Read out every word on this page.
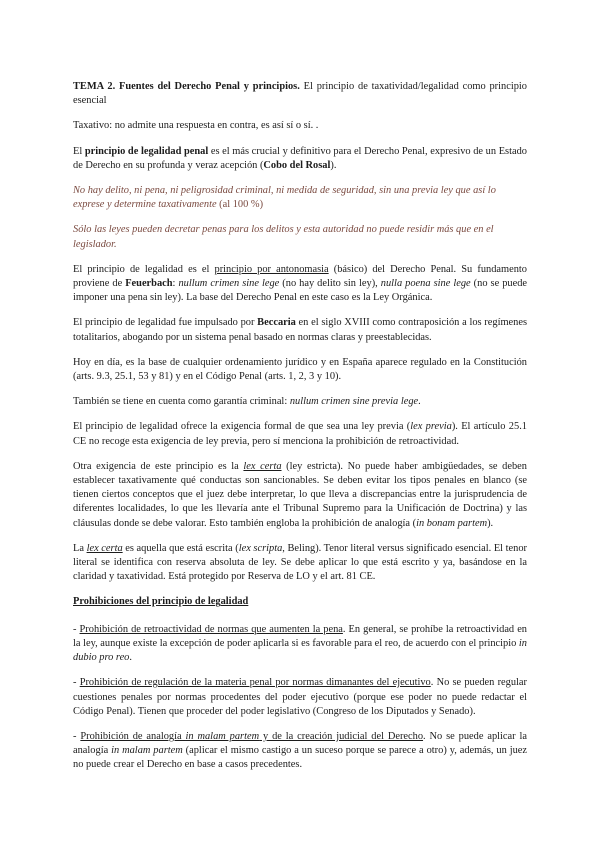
TEMA 2. Fuentes del Derecho Penal y principios. El principio de taxatividad/legalidad como principio esencial

Taxativo: no admite una respuesta en contra, es así sí o sí. .

El principio de legalidad penal es el más crucial y definitivo para el Derecho Penal, expresivo de un Estado de Derecho en su profunda y veraz acepción (Cobo del Rosal).

No hay delito, ni pena, ni peligrosidad criminal, ni medida de seguridad, sin una previa ley que así lo exprese y determine taxativamente (al 100 %)

Sólo las leyes pueden decretar penas para los delitos y esta autoridad no puede residir más que en el legislador.

El principio de legalidad es el principio por antonomasia (básico) del Derecho Penal. Su fundamento proviene de Feuerbach: nullum crimen sine lege (no hay delito sin ley), nulla poena sine lege (no se puede imponer una pena sin ley). La base del Derecho Penal en este caso es la Ley Orgánica.

El principio de legalidad fue impulsado por Beccaria en el siglo XVIII como contraposición a los regímenes totalitarios, abogando por un sistema penal basado en normas claras y preestablecidas.

Hoy en día, es la base de cualquier ordenamiento jurídico y en España aparece regulado en la Constitución (arts. 9.3, 25.1, 53 y 81) y en el Código Penal (arts. 1, 2, 3 y 10).

También se tiene en cuenta como garantía criminal: nullum crimen sine previa lege.

El principio de legalidad ofrece la exigencia formal de que sea una ley previa (lex previa). El artículo 25.1 CE no recoge esta exigencia de ley previa, pero sí menciona la prohibición de retroactividad.

Otra exigencia de este principio es la lex certa (ley estricta). No puede haber ambigüedades, se deben establecer taxativamente qué conductas son sancionables. Se deben evitar los tipos penales en blanco (se tienen ciertos conceptos que el juez debe interpretar, lo que lleva a discrepancias entre la jurisprudencia de diferentes localidades, lo que les llevaría ante el Tribunal Supremo para la Unificación de Doctrina) y las cláusulas donde se debe valorar. Esto también engloba la prohibición de analogía (in bonam partem).

La lex certa es aquella que está escrita (lex scripta, Beling). Tenor literal versus significado esencial. El tenor literal se identifica con reserva absoluta de ley. Se debe aplicar lo que está escrito y ya, basándose en la claridad y taxatividad. Está protegido por Reserva de LO y el art. 81 CE.

Prohibiciones del principio de legalidad

- Prohibición de retroactividad de normas que aumenten la pena. En general, se prohíbe la retroactividad en la ley, aunque existe la excepción de poder aplicarla si es favorable para el reo, de acuerdo con el principio in dubio pro reo.

- Prohibición de regulación de la materia penal por normas dimanantes del ejecutivo. No se pueden regular cuestiones penales por normas procedentes del poder ejecutivo (porque ese poder no puede redactar el Código Penal). Tienen que proceder del poder legislativo (Congreso de los Diputados y Senado).

- Prohibición de analogía in malam partem y de la creación judicial del Derecho. No se puede aplicar la analogía in malam partem (aplicar el mismo castigo a un suceso porque se parece a otro) y, además, un juez no puede crear el Derecho en base a casos precedentes.
